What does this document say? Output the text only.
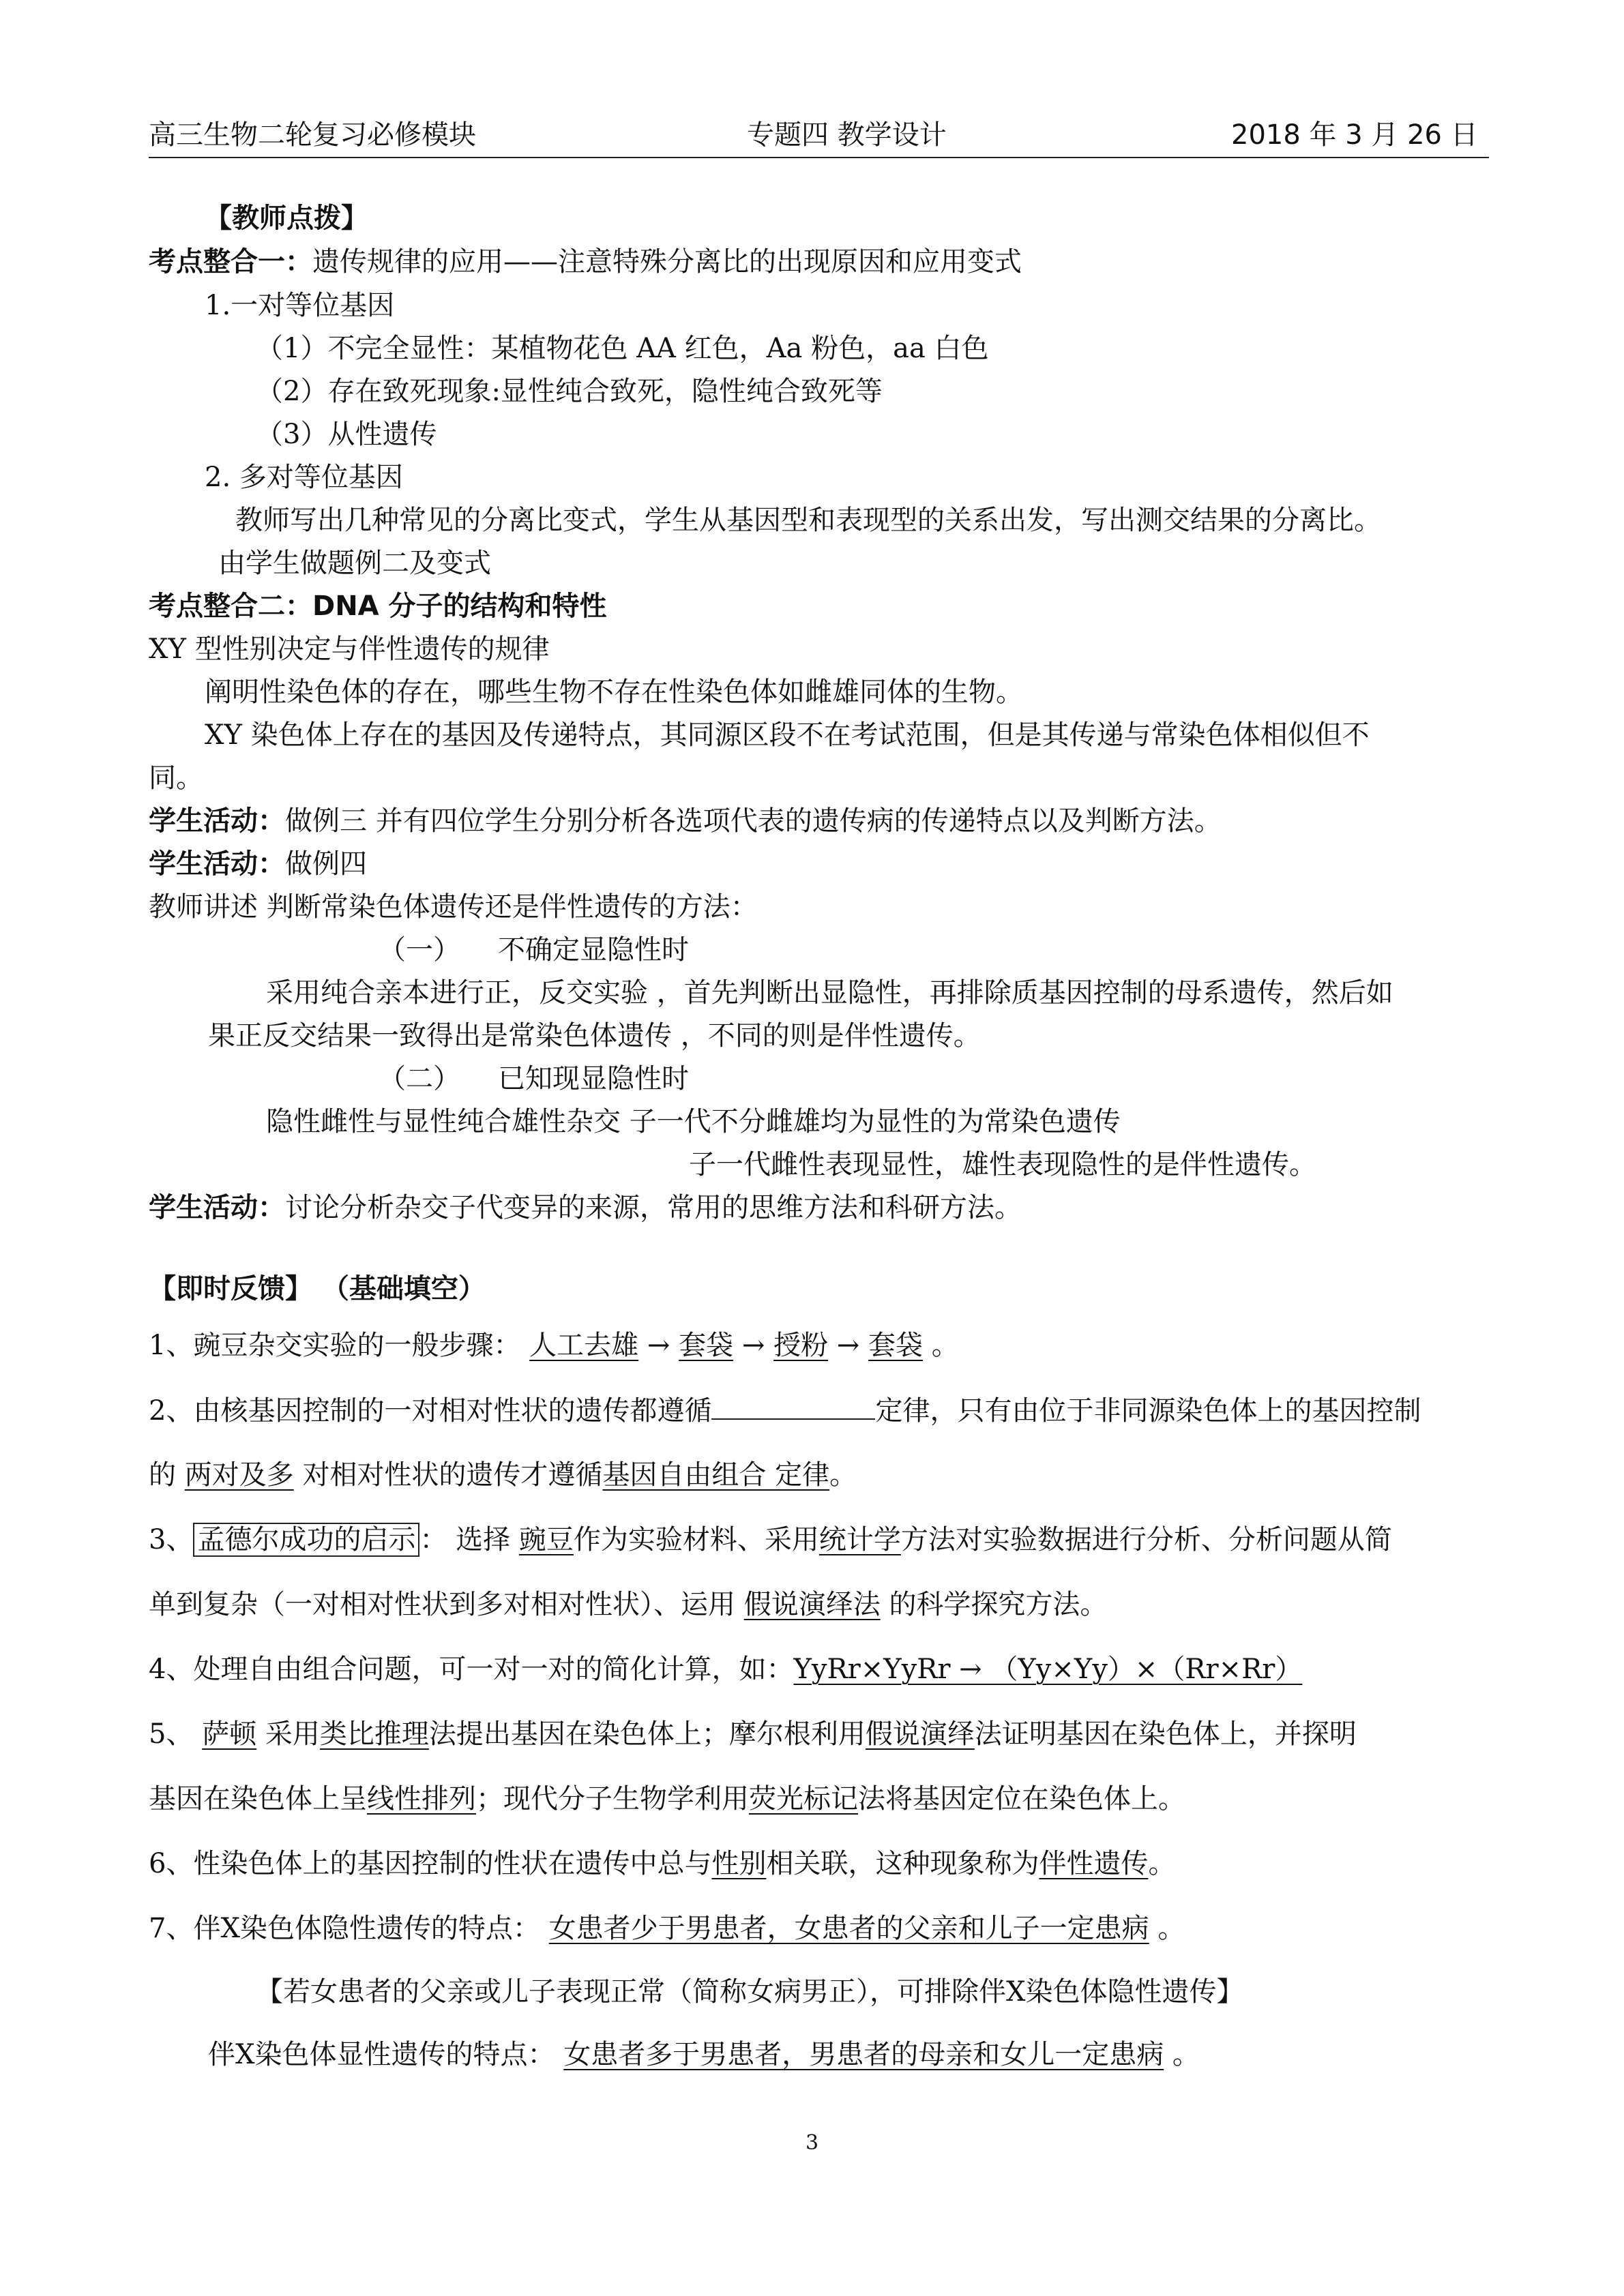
高三生物二轮复习必修模块	专题四 教学设计	2018 年 3 月 26 日
【教师点拨】
考点整合一：遗传规律的应用——注意特殊分离比的出现原因和应用变式
1.一对等位基因
（1）不完全显性：某植物花色 AA 红色，Aa 粉色，aa 白色
（2）存在致死现象:显性纯合致死，隐性纯合致死等
（3）从性遗传
2. 多对等位基因
教师写出几种常见的分离比变式，学生从基因型和表现型的关系出发，写出测交结果的分离比。
由学生做题例二及变式
考点整合二：DNA 分子的结构和特性
XY 型性别决定与伴性遗传的规律
阐明性染色体的存在，哪些生物不存在性染色体如雌雄同体的生物。
XY 染色体上存在的基因及传递特点，其同源区段不在考试范围，但是其传递与常染色体相似但不
同。
学生活动：做例三 并有四位学生分别分析各选项代表的遗传病的传递特点以及判断方法。
学生活动：做例四
教师讲述 判断常染色体遗传还是伴性遗传的方法：
（一） 不确定显隐性时
采用纯合亲本进行正，反交实验 ，首先判断出显隐性，再排除质基因控制的母系遗传，然后如
果正反交结果一致得出是常染色体遗传 ，不同的则是伴性遗传。
（二） 已知现显隐性时
隐性雌性与显性纯合雄性杂交 子一代不分雌雄均为显性的为常染色遗传
子一代雌性表现显性，雄性表现隐性的是伴性遗传。
学生活动：讨论分析杂交子代变异的来源，常用的思维方法和科研方法。
【即时反馈】 （基础填空）
1、豌豆杂交实验的一般步骤： 人工去雄 → 套袋 → 授粉 → 套袋 。
2、由核基因控制的一对相对性状的遗传都遵循	定律，只有由位于非同源染色体上的基因控制
的 两对及多 对相对性状的遗传才遵循基因自由组合 定律。
3、 孟德尔成功的启示 ： 选择 豌豆作为实验材料、采用统计学方法对实验数据进行分析、分析问题从简
单到复杂（一对相对性状到多对相对性状）、运用 假说演绎法 的科学探究方法。
4、处理自由组合问题，可一对一对的简化计算，如：YyRr×YyRr → （Yy×Yy）×（Rr×Rr）
5、 萨顿 采用类比推理法提出基因在染色体上；摩尔根利用假说演绎法证明基因在染色体上，并探明
基因在染色体上呈线性排列；现代分子生物学利用荧光标记法将基因定位在染色体上。
6、性染色体上的基因控制的性状在遗传中总与性别相关联，这种现象称为伴性遗传。
7、伴X染色体隐性遗传的特点： 女患者少于男患者，女患者的父亲和儿子一定患病 。
【若女患者的父亲或儿子表现正常（简称女病男正），可排除伴X染色体隐性遗传】
伴X染色体显性遗传的特点： 女患者多于男患者，男患者的母亲和女儿一定患病 。
3
